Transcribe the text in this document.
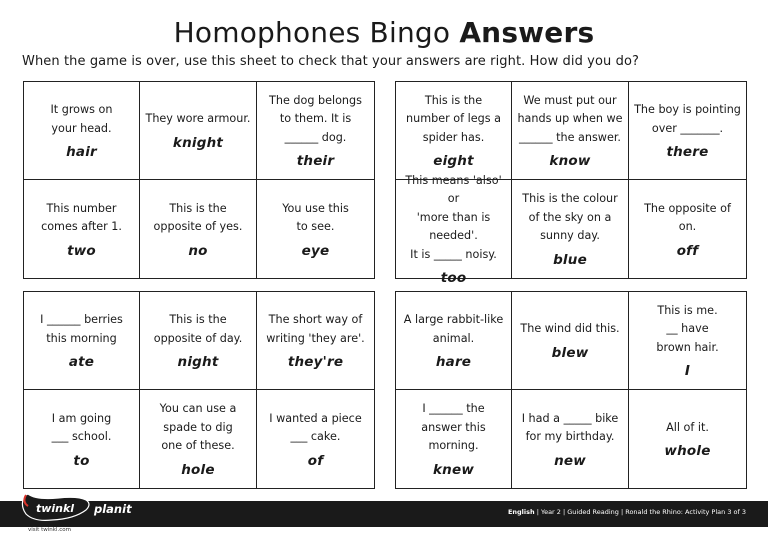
Homophones Bingo Answers
When the game is over, use this sheet to check that your answers are right. How did you do?
It grows on
your head.
hair
They wore armour.
knight
The dog belongs
to them. It is
______ dog.
their
This number
comes after 1.
two
This is the
opposite of yes.
no
You use this
to see.
eye
This is the
number of legs a
spider has.
eight
We must put our
hands up when we
______ the answer.
know
The boy is pointing
over _______.
there
This means 'also' or
'more than is needed'.
It is _____ noisy.
too
This is the colour
of the sky on a
sunny day.
blue
The opposite of on.
off
I ______ berries
this morning
ate
This is the
opposite of day.
night
The short way of
writing 'they are'.
they're
I am going
___ school.
to
You can use a
spade to dig
one of these.
hole
I wanted a piece
___ cake.
of
A large rabbit-like
animal.
hare
The wind did this.
blew
This is me.
__ have
brown hair.
I
I ______ the
answer this
morning.
knew
I had a _____ bike
for my birthday.
new
All of it.
whole
English | Year 2 | Guided Reading | Ronald the Rhino: Activity Plan 3 of 3
twinkl planit
visit twinkl.com
